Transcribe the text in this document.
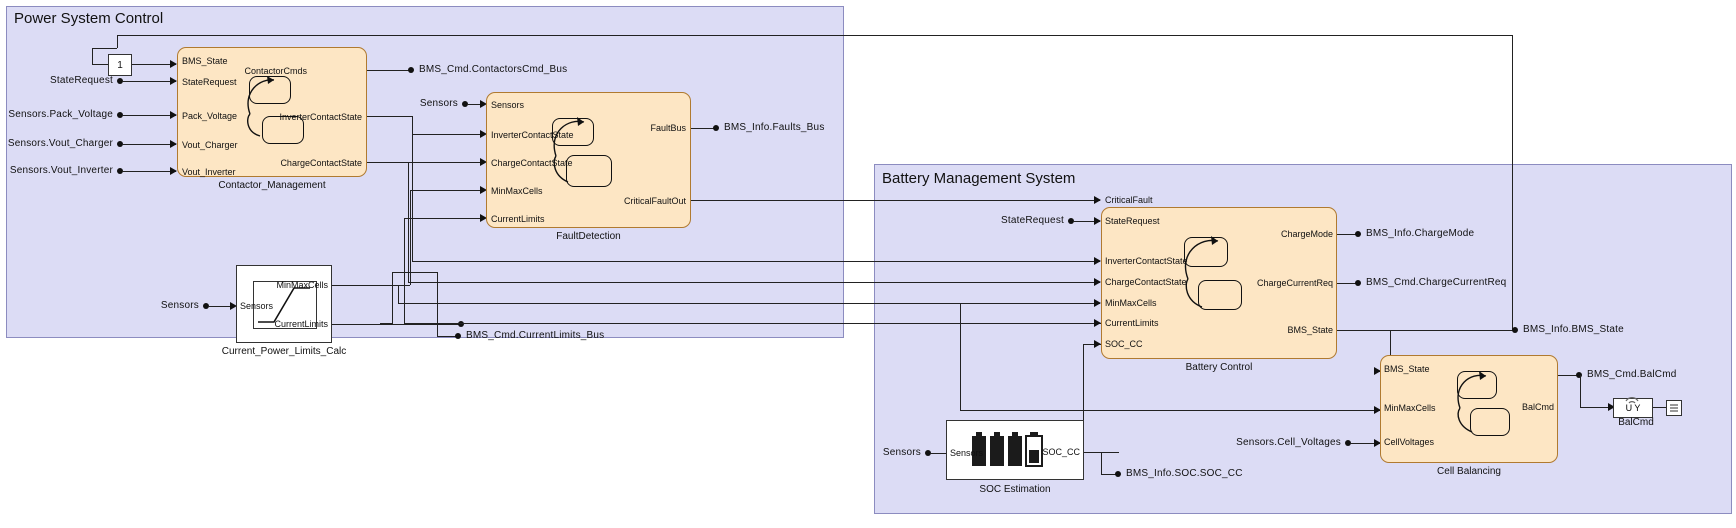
Power System Control
Battery Management System
1
Contactor_Management
BMS_State
StateRequest
Pack_Voltage
Vout_Charger
Vout_Inverter
ContactorCmds
InverterContactState
ChargeContactState
FaultDetection
Sensors
InverterContactState
ChargeContactState
MinMaxCells
CurrentLimits
FaultBus
CriticalFaultOut
Current_Power_Limits_Calc
Sensors
MinMaxCells
CurrentLimits
Battery Control
StateRequest
CriticalFault
InverterContactState
ChargeContactState
MinMaxCells
CurrentLimits
SOC_CC
ChargeMode
ChargeCurrentReq
BMS_State
Cell Balancing
BMS_State
MinMaxCells
CellVoltages
BalCmd
SOC Estimation
Sensors	SOC_CC
U Y
BalCmd
StateRequest
Sensors.Pack_Voltage
Sensors.Vout_Charger
Sensors.Vout_Inverter
Sensors
Sensors
Sensors
StateRequest
Sensors.Cell_Voltages
BMS_Cmd.ContactorsCmd_Bus
BMS_Info.Faults_Bus
BMS_Cmd.CurrentLimits_Bus
BMS_Info.ChargeMode
BMS_Cmd.ChargeCurrentReq
BMS_Info.BMS_State
BMS_Info.SOC.SOC_CC
BMS_Cmd.BalCmd
